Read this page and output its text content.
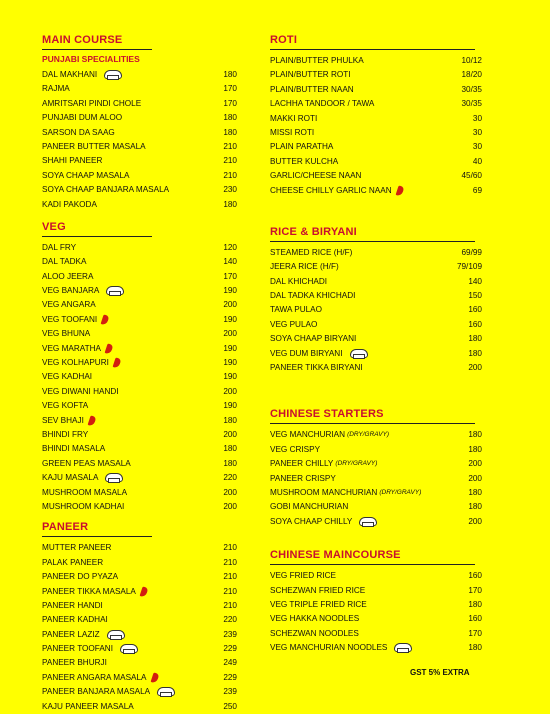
MAIN COURSE
PUNJABI SPECIALITIES
DAL MAKHANI	180
RAJMA	170
AMRITSARI PINDI CHOLE	170
PUNJABI DUM ALOO	180
SARSON DA SAAG	180
PANEER BUTTER MASALA	210
SHAHI PANEER	210
SOYA CHAAP MASALA	210
SOYA CHAAP BANJARA MASALA	230
KADI PAKODA	180
VEG
DAL FRY	120
DAL TADKA	140
ALOO JEERA	170
VEG BANJARA	190
VEG ANGARA	200
VEG TOOFANI	190
VEG BHUNA	200
VEG MARATHA	190
VEG KOLHAPURI	190
VEG KADHAI	190
VEG DIWANI HANDI	200
VEG KOFTA	190
SEV BHAJI	180
BHINDI FRY	200
BHINDI MASALA	180
GREEN PEAS MASALA	180
KAJU MASALA	220
MUSHROOM MASALA	200
MUSHROOM KADHAI	200
PANEER
MUTTER PANEER	210
PALAK PANEER	210
PANEER DO PYAZA	210
PANEER TIKKA MASALA	210
PANEER HANDI	210
PANEER KADHAI	220
PANEER LAZIZ	239
PANEER TOOFANI	229
PANEER BHURJI	249
PANEER ANGARA MASALA	229
PANEER BANJARA MASALA	239
KAJU PANEER MASALA	250
ROTI
PLAIN/BUTTER PHULKA	10/12
PLAIN/BUTTER ROTI	18/20
PLAIN/BUTTER NAAN	30/35
LACHHA TANDOOR / TAWA	30/35
MAKKI ROTI	30
MISSI ROTI	30
PLAIN PARATHA	30
BUTTER KULCHA	40
GARLIC/CHEESE NAAN	45/60
CHEESE CHILLY GARLIC NAAN	69
RICE & BIRYANI
STEAMED RICE (H/F)	69/99
JEERA RICE (H/F)	79/109
DAL KHICHADI	140
DAL TADKA KHICHADI	150
TAWA PULAO	160
VEG PULAO	160
SOYA CHAAP BIRYANI	180
VEG DUM BIRYANI	180
PANEER TIKKA BIRYANI	200
CHINESE STARTERS
VEG MANCHURIAN (DRY/GRAVY)	180
VEG CRISPY	180
PANEER CHILLY (DRY/GRAVY)	200
PANEER CRISPY	200
MUSHROOM MANCHURIAN (DRY/GRAVY)	180
GOBI MANCHURIAN	180
SOYA CHAAP CHILLY	200
CHINESE MAINCOURSE
VEG FRIED RICE	160
SCHEZWAN FRIED RICE	170
VEG TRIPLE FRIED RICE	180
VEG HAKKA NOODLES	160
SCHEZWAN NOODLES	170
VEG MANCHURIAN NOODLES	180
GST 5% EXTRA
